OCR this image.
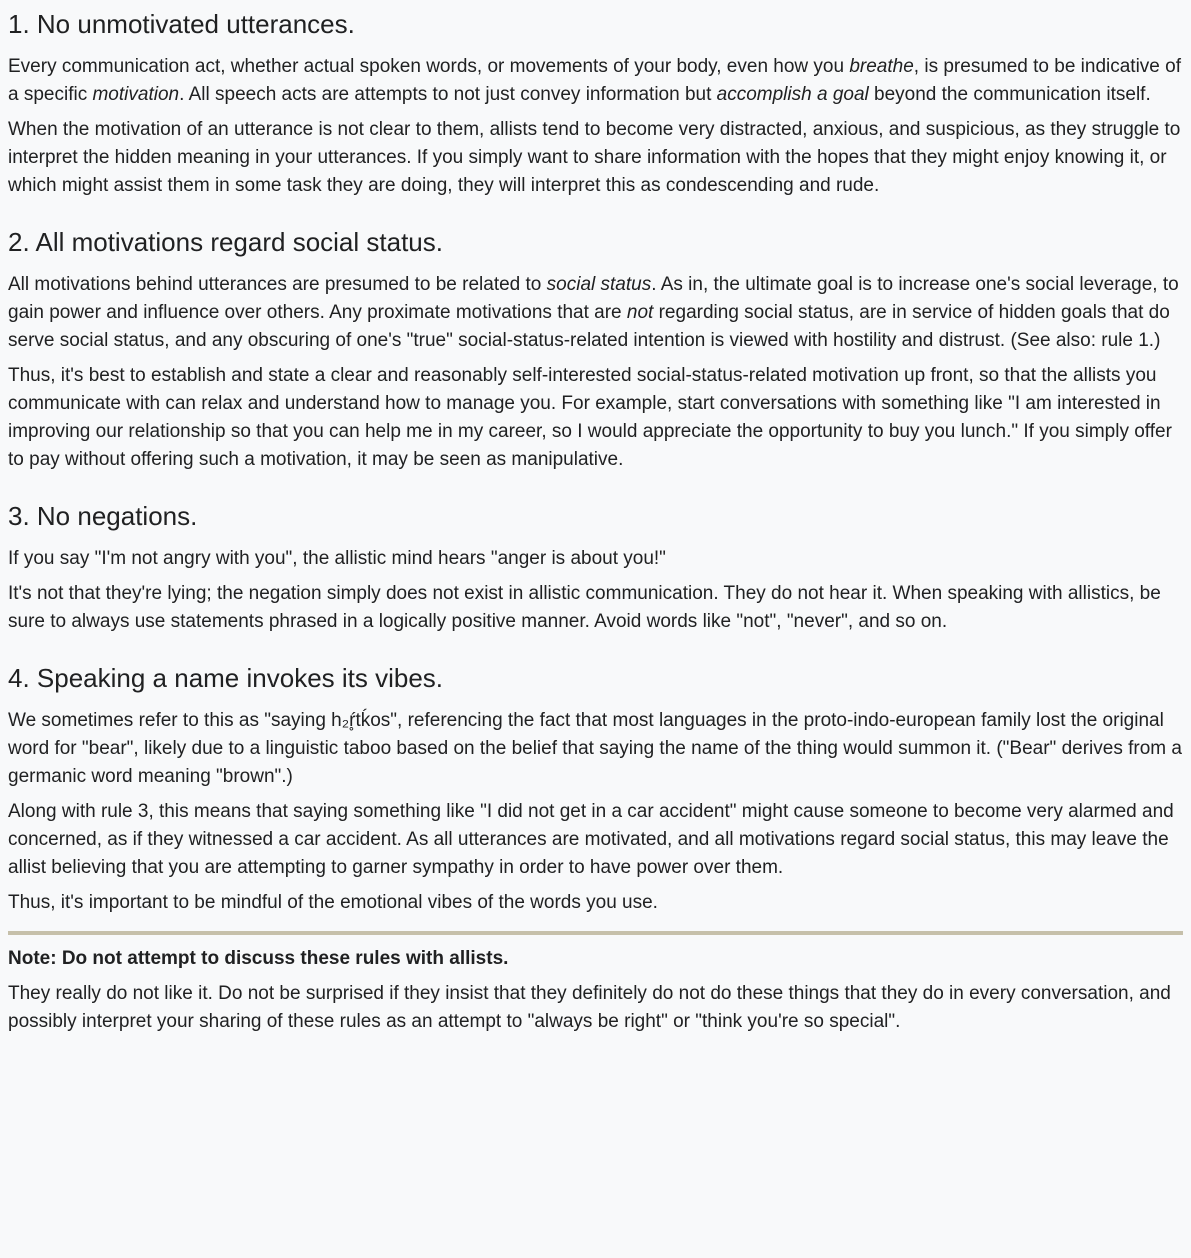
1. No unmotivated utterances.

Every communication act, whether actual spoken words, or movements of your body, even how you breathe, is presumed to be indicative of a specific motivation. All speech acts are attempts to not just convey information but accomplish a goal beyond the communication itself.

When the motivation of an utterance is not clear to them, allists tend to become very distracted, anxious, and suspicious, as they struggle to interpret the hidden meaning in your utterances. If you simply want to share information with the hopes that they might enjoy knowing it, or which might assist them in some task they are doing, they will interpret this as condescending and rude.

2. All motivations regard social status.

All motivations behind utterances are presumed to be related to social status. As in, the ultimate goal is to increase one's social leverage, to gain power and influence over others. Any proximate motivations that are not regarding social status, are in service of hidden goals that do serve social status, and any obscuring of one's "true" social-status-related intention is viewed with hostility and distrust. (See also: rule 1.)

Thus, it's best to establish and state a clear and reasonably self-interested social-status-related motivation up front, so that the allists you communicate with can relax and understand how to manage you. For example, start conversations with something like "I am interested in improving our relationship so that you can help me in my career, so I would appreciate the opportunity to buy you lunch." If you simply offer to pay without offering such a motivation, it may be seen as manipulative.

3. No negations.

If you say "I'm not angry with you", the allistic mind hears "anger is about you!"

It's not that they're lying; the negation simply does not exist in allistic communication. They do not hear it. When speaking with allistics, be sure to always use statements phrased in a logically positive manner. Avoid words like "not", "never", and so on.

4. Speaking a name invokes its vibes.

We sometimes refer to this as "saying h₂ŕ̥tḱos", referencing the fact that most languages in the proto-indo-european family lost the original word for "bear", likely due to a linguistic taboo based on the belief that saying the name of the thing would summon it. ("Bear" derives from a germanic word meaning "brown".)

Along with rule 3, this means that saying something like "I did not get in a car accident" might cause someone to become very alarmed and concerned, as if they witnessed a car accident. As all utterances are motivated, and all motivations regard social status, this may leave the allist believing that you are attempting to garner sympathy in order to have power over them.

Thus, it's important to be mindful of the emotional vibes of the words you use.

Note: Do not attempt to discuss these rules with allists.

They really do not like it. Do not be surprised if they insist that they definitely do not do these things that they do in every conversation, and possibly interpret your sharing of these rules as an attempt to "always be right" or "think you're so special".
